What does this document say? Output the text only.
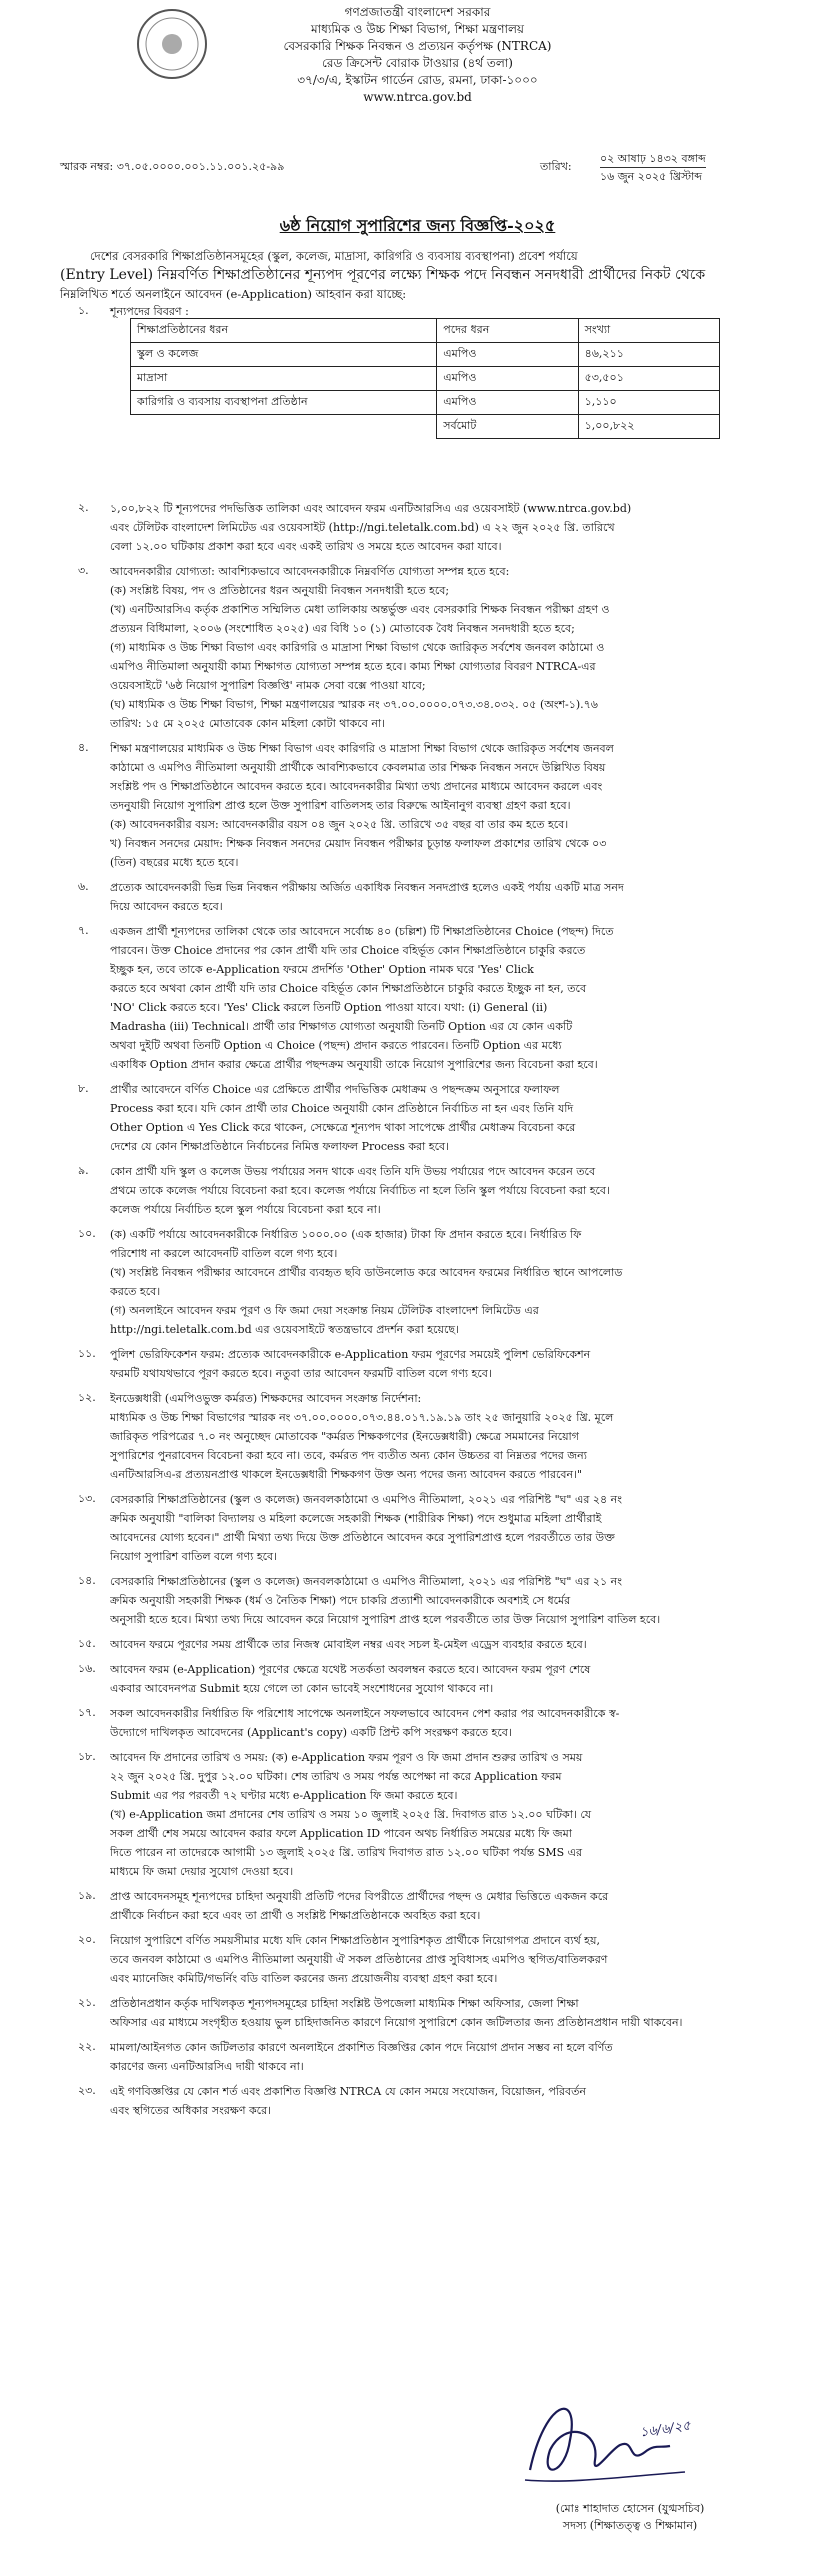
গণপ্রজাতন্ত্রী বাংলাদেশ সরকার
মাধ্যমিক ও উচ্চ শিক্ষা বিভাগ, শিক্ষা মন্ত্রণালয়
বেসরকারি শিক্ষক নিবন্ধন ও প্রত্যয়ন কর্তৃপক্ষ (NTRCA)
রেড ক্রিসেন্ট বোরাক টাওয়ার (৪র্থ তলা)
৩৭/৩/এ, ইস্কাটন গার্ডেন রোড, রমনা, ঢাকা-১০০০
www.ntrca.gov.bd
স্মারক নম্বর: ৩৭.০৫.০০০০.০০১.১১.০০১.২৫-৯৯	তারিখ:
০২ আষাঢ় ১৪৩২ বঙ্গাব্দ
১৬ জুন ২০২৫ খ্রিস্টাব্দ
৬ষ্ঠ নিয়োগ সুপারিশের জন্য বিজ্ঞপ্তি-২০২৫
দেশের বেসরকারি শিক্ষাপ্রতিষ্ঠানসমূহের (স্কুল, কলেজ, মাদ্রাসা, কারিগরি ও ব্যবসায় ব্যবস্থাপনা) প্রবেশ পর্যায়ে
(Entry Level) নিম্নবর্ণিত শিক্ষাপ্রতিষ্ঠানের শূন্যপদ পূরণের লক্ষ্যে শিক্ষক পদে নিবন্ধন সনদধারী প্রার্থীদের নিকট থেকে
নিম্নলিখিত শর্তে অনলাইনে আবেদন (e-Application) আহবান করা যাচ্ছে:
১. শূন্যপদের বিবরণ :
শিক্ষাপ্রতিষ্ঠানের ধরন	পদের ধরন	সংখ্যা
স্কুল ও কলেজ	এমপিও	৪৬,২১১
মাদ্রাসা	এমপিও	৫৩,৫০১
কারিগরি ও ব্যবসায় ব্যবস্থাপনা প্রতিষ্ঠান	এমপিও	১,১১০
	সর্বমোট	১,০০,৮২২
২. ১,০০,৮২২ টি শূন্যপদের পদভিত্তিক তালিকা এবং আবেদন ফরম এনটিআরসিএ এর ওয়েবসাইট (www.ntrca.gov.bd)
এবং টেলিটক বাংলাদেশ লিমিটেড এর ওয়েবসাইট (http://ngi.teletalk.com.bd) এ ২২ জুন ২০২৫ খ্রি. তারিখে
বেলা ১২.০০ ঘটিকায় প্রকাশ করা হবে এবং একই তারিখ ও সময়ে হতে আবেদন করা যাবে।
৩. আবেদনকারীর যোগ্যতা: আবশ্যিকভাবে আবেদনকারীকে নিম্নবর্ণিত যোগ্যতা সম্পন্ন হতে হবে:
(ক) সংশ্লিষ্ট বিষয়, পদ ও প্রতিষ্ঠানের ধরন অনুযায়ী নিবন্ধন সনদধারী হতে হবে;
(খ) এনটিআরসিএ কর্তৃক প্রকাশিত সম্মিলিত মেধা তালিকায় অন্তর্ভুক্ত এবং বেসরকারি শিক্ষক নিবন্ধন পরীক্ষা গ্রহণ ও
প্রত্যয়ন বিধিমালা, ২০০৬ (সংশোধিত ২০২৫) এর বিধি ১০ (১) মোতাবেক বৈধ নিবন্ধন সনদধারী হতে হবে;
(গ) মাধ্যমিক ও উচ্চ শিক্ষা বিভাগ এবং কারিগরি ও মাদ্রাসা শিক্ষা বিভাগ থেকে জারিকৃত সর্বশেষ জনবল কাঠামো ও
এমপিও নীতিমালা অনুযায়ী কাম্য শিক্ষাগত যোগ্যতা সম্পন্ন হতে হবে। কাম্য শিক্ষা যোগ্যতার বিবরণ NTRCA-এর
ওয়েবসাইটে '৬ষ্ঠ নিয়োগ সুপারিশ বিজ্ঞপ্তি' নামক সেবা বক্সে পাওয়া যাবে;
(ঘ) মাধ্যমিক ও উচ্চ শিক্ষা বিভাগ, শিক্ষা মন্ত্রণালয়ের স্মারক নং ৩৭.০০.০০০০.০৭৩.৩৪.০৩২. ০৫ (অংশ-১).৭৬
তারিখ: ১৫ মে ২০২৫ মোতাবেক কোন মহিলা কোটা থাকবে না।
৪. শিক্ষা মন্ত্রণালয়ের মাধ্যমিক ও উচ্চ শিক্ষা বিভাগ এবং কারিগরি ও মাদ্রাসা শিক্ষা বিভাগ থেকে জারিকৃত সর্বশেষ জনবল
কাঠামো ও এমপিও নীতিমালা অনুযায়ী প্রার্থীকে আবশ্যিকভাবে কেবলমাত্র তার শিক্ষক নিবন্ধন সনদে উল্লিখিত বিষয়
সংশ্লিষ্ট পদ ও শিক্ষাপ্রতিষ্ঠানে আবেদন করতে হবে। আবেদনকারীর মিথ্যা তথ্য প্রদানের মাধ্যমে আবেদন করলে এবং
তদনুযায়ী নিয়োগ সুপারিশ প্রাপ্ত হলে উক্ত সুপারিশ বাতিলসহ তার বিরুদ্ধে আইনানুগ ব্যবস্থা গ্রহণ করা হবে।
(ক) আবেদনকারীর বয়স: আবেদনকারীর বয়স ০৪ জুন ২০২৫ খ্রি. তারিখে ৩৫ বছর বা তার কম হতে হবে।
খ) নিবন্ধন সনদের মেয়াদ: শিক্ষক নিবন্ধন সনদের মেয়াদ নিবন্ধন পরীক্ষার চূড়ান্ত ফলাফল প্রকাশের তারিখ থেকে ০৩
(তিন) বছরের মধ্যে হতে হবে।
৬. প্রত্যেক আবেদনকারী ভিন্ন ভিন্ন নিবন্ধন পরীক্ষায় অর্জিত একাধিক নিবন্ধন সনদপ্রাপ্ত হলেও একই পর্যায় একটি মাত্র সনদ
দিয়ে আবেদন করতে হবে।
৭. একজন প্রার্থী শূন্যপদের তালিকা থেকে তার আবেদনে সর্বোচ্চ ৪০ (চল্লিশ) টি শিক্ষাপ্রতিষ্ঠানের Choice (পছন্দ) দিতে
পারবেন। উক্ত Choice প্রদানের পর কোন প্রার্থী যদি তার Choice বহির্ভূত কোন শিক্ষাপ্রতিষ্ঠানে চাকুরি করতে
ইচ্ছুক হন, তবে তাকে e-Application ফরমে প্রদর্শিত 'Other' Option নামক ঘরে 'Yes' Click
করতে হবে অথবা কোন প্রার্থী যদি তার Choice বহির্ভূত কোন শিক্ষাপ্রতিষ্ঠানে চাকুরি করতে ইচ্ছুক না হন, তবে
'NO' Click করতে হবে। 'Yes' Click করলে তিনটি Option পাওয়া যাবে। যথা: (i) General (ii)
Madrasha (iii) Technical। প্রার্থী তার শিক্ষাগত যোগ্যতা অনুযায়ী তিনটি Option এর যে কোন একটি
অথবা দুইটি অথবা তিনটি Option এ Choice (পছন্দ) প্রদান করতে পারবেন। তিনটি Option এর মধ্যে
একাধিক Option প্রদান করার ক্ষেত্রে প্রার্থীর পছন্দক্রম অনুযায়ী তাকে নিয়োগ সুপারিশের জন্য বিবেচনা করা হবে।
৮. প্রার্থীর আবেদনে বর্ণিত Choice এর প্রেক্ষিতে প্রার্থীর পদভিত্তিক মেধাক্রম ও পছন্দক্রম অনুসারে ফলাফল
Process করা হবে। যদি কোন প্রার্থী তার Choice অনুযায়ী কোন প্রতিষ্ঠানে নির্বাচিত না হন এবং তিনি যদি
Other Option এ Yes Click করে থাকেন, সেক্ষেত্রে শূন্যপদ থাকা সাপেক্ষে প্রার্থীর মেধাক্রম বিবেচনা করে
দেশের যে কোন শিক্ষাপ্রতিষ্ঠানে নির্বাচনের নিমিত্ত ফলাফল Process করা হবে।
৯. কোন প্রার্থী যদি স্কুল ও কলেজ উভয় পর্যায়ের সনদ থাকে এবং তিনি যদি উভয় পর্যায়ের পদে আবেদন করেন তবে
প্রথমে তাকে কলেজ পর্যায়ে বিবেচনা করা হবে। কলেজ পর্যায়ে নির্বাচিত না হলে তিনি স্কুল পর্যায়ে বিবেচনা করা হবে।
কলেজ পর্যায়ে নির্বাচিত হলে স্কুল পর্যায়ে বিবেচনা করা হবে না।
১০. (ক) একটি পর্যায়ে আবেদনকারীকে নির্ধারিত ১০০০.০০ (এক হাজার) টাকা ফি প্রদান করতে হবে। নির্ধারিত ফি
পরিশোধ না করলে আবেদনটি বাতিল বলে গণ্য হবে।
(খ) সংশ্লিষ্ট নিবন্ধন পরীক্ষার আবেদনে প্রার্থীর ব্যবহৃত ছবি ডাউনলোড করে আবেদন ফরমের নির্ধারিত স্থানে আপলোড
করতে হবে।
(গ) অনলাইনে আবেদন ফরম পূরণ ও ফি জমা দেয়া সংক্রান্ত নিয়ম টেলিটক বাংলাদেশ লিমিটেড এর
http://ngi.teletalk.com.bd এর ওয়েবসাইটে স্বতন্ত্রভাবে প্রদর্শন করা হয়েছে।
১১. পুলিশ ভেরিফিকেশন ফরম: প্রত্যেক আবেদনকারীকে e-Application ফরম পূরণের সময়েই পুলিশ ভেরিফিকেশন
ফরমটি যথাযথভাবে পূরণ করতে হবে। নতুবা তার আবেদন ফরমটি বাতিল বলে গণ্য হবে।
১২. ইনডেক্সধারী (এমপিওভুক্ত কর্মরত) শিক্ষকদের আবেদন সংক্রান্ত নির্দেশনা:
মাধ্যমিক ও উচ্চ শিক্ষা বিভাগের স্মারক নং ৩৭.০০.০০০০.০৭৩.৪৪.০১৭.১৯.১৯ তাং ২৫ জানুয়ারি ২০২৫ খ্রি. মূলে
জারিকৃত পরিপত্রের ৭.০ নং অনুচ্ছেদ মোতাবেক "কর্মরত শিক্ষকগণের (ইনডেক্সধারী) ক্ষেত্রে সমমানের নিয়োগ
সুপারিশের পুনরাবেদন বিবেচনা করা হবে না। তবে, কর্মরত পদ ব্যতীত অন্য কোন উচ্চতর বা নিম্নতর পদের জন্য
এনটিআরসিএ-র প্রত্যয়নপ্রাপ্ত থাকলে ইনডেক্সধারী শিক্ষকগণ উক্ত অন্য পদের জন্য আবেদন করতে পারবেন।"
১৩. বেসরকারি শিক্ষাপ্রতিষ্ঠানের (স্কুল ও কলেজ) জনবলকাঠামো ও এমপিও নীতিমালা, ২০২১ এর পরিশিষ্ট "ঘ" এর ২৪ নং
ক্রমিক অনুযায়ী "বালিকা বিদ্যালয় ও মহিলা কলেজে সহকারী শিক্ষক (শারীরিক শিক্ষা) পদে শুধুমাত্র মহিলা প্রার্থীরাই
আবেদনের যোগ্য হবেন।" প্রার্থী মিথ্যা তথ্য দিয়ে উক্ত প্রতিষ্ঠানে আবেদন করে সুপারিশপ্রাপ্ত হলে পরবর্তীতে তার উক্ত
নিয়োগ সুপারিশ বাতিল বলে গণ্য হবে।
১৪. বেসরকারি শিক্ষাপ্রতিষ্ঠানের (স্কুল ও কলেজ) জনবলকাঠামো ও এমপিও নীতিমালা, ২০২১ এর পরিশিষ্ট "ঘ" এর ২১ নং
ক্রমিক অনুযায়ী সহকারী শিক্ষক (ধর্ম ও নৈতিক শিক্ষা) পদে চাকরি প্রত্যাশী আবেদনকারীকে অবশ্যই সে ধর্মের
অনুসারী হতে হবে। মিথ্যা তথ্য দিয়ে আবেদন করে নিয়োগ সুপারিশ প্রাপ্ত হলে পরবর্তীতে তার উক্ত নিয়োগ সুপারিশ বাতিল হবে।
১৫. আবেদন ফরমে পূরণের সময় প্রার্থীকে তার নিজস্ব মোবাইল নম্বর এবং সচল ই-মেইল এড্রেস ব্যবহার করতে হবে।
১৬. আবেদন ফরম (e-Application) পূরণের ক্ষেত্রে যথেষ্ট সতর্কতা অবলম্বন করতে হবে। আবেদন ফরম পূরণ শেষে
একবার আবেদনপত্র Submit হয়ে গেলে তা কোন ভাবেই সংশোধনের সুযোগ থাকবে না।
১৭. সকল আবেদনকারীর নির্ধারিত ফি পরিশোধ সাপেক্ষে অনলাইনে সফলভাবে আবেদন পেশ করার পর আবেদনকারীকে স্ব-
উদ্যোগে দাখিলকৃত আবেদনের (Applicant's copy) একটি প্রিন্ট কপি সংরক্ষণ করতে হবে।
১৮. আবেদন ফি প্রদানের তারিখ ও সময়: (ক) e-Application ফরম পূরণ ও ফি জমা প্রদান শুরুর তারিখ ও সময়
২২ জুন ২০২৫ খ্রি. দুপুর ১২.০০ ঘটিকা। শেষ তারিখ ও সময় পর্যন্ত অপেক্ষা না করে Application ফরম
Submit এর পর পরবর্তী ৭২ ঘণ্টার মধ্যে e-Application ফি জমা করতে হবে।
(খ) e-Application জমা প্রদানের শেষ তারিখ ও সময় ১০ জুলাই ২০২৫ খ্রি. দিবাগত রাত ১২.০০ ঘটিকা। যে
সকল প্রার্থী শেষ সময়ে আবেদন করার ফলে Application ID পাবেন অথচ নির্ধারিত সময়ের মধ্যে ফি জমা
দিতে পারেন না তাদেরকে আগামী ১৩ জুলাই ২০২৫ খ্রি. তারিখ দিবাগত রাত ১২.০০ ঘটিকা পর্যন্ত SMS এর
মাধ্যমে ফি জমা দেয়ার সুযোগ দেওয়া হবে।
১৯. প্রাপ্ত আবেদনসমূহ শূন্যপদের চাহিদা অনুযায়ী প্রতিটি পদের বিপরীতে প্রার্থীদের পছন্দ ও মেধার ভিত্তিতে একজন করে
প্রার্থীকে নির্বাচন করা হবে এবং তা প্রার্থী ও সংশ্লিষ্ট শিক্ষাপ্রতিষ্ঠানকে অবহিত করা হবে।
২০. নিয়োগ সুপারিশে বর্ণিত সময়সীমার মধ্যে যদি কোন শিক্ষাপ্রতিষ্ঠান সুপারিশকৃত প্রার্থীকে নিয়োগপত্র প্রদানে ব্যর্থ হয়,
তবে জনবল কাঠামো ও এমপিও নীতিমালা অনুযায়ী ঐ সকল প্রতিষ্ঠানের প্রাপ্ত সুবিধাসহ এমপিও স্থগিত/বাতিলকরণ
এবং ম্যানেজিং কমিটি/গভর্নিং বডি বাতিল করনের জন্য প্রয়োজনীয় ব্যবস্থা গ্রহণ করা হবে।
২১. প্রতিষ্ঠানপ্রধান কর্তৃক দাখিলকৃত শূন্যপদসমূহের চাহিদা সংশ্লিষ্ট উপজেলা মাধ্যমিক শিক্ষা অফিসার, জেলা শিক্ষা
অফিসার এর মাধ্যমে সংগৃহীত হওয়ায় ভুল চাহিদাজনিত কারণে নিয়োগ সুপারিশে কোন জটিলতার জন্য প্রতিষ্ঠানপ্রধান দায়ী থাকবেন।
২২. মামলা/আইনগত কোন জটিলতার কারণে অনলাইনে প্রকাশিত বিজ্ঞপ্তির কোন পদে নিয়োগ প্রদান সম্ভব না হলে বর্ণিত
কারণের জন্য এনটিআরসিএ দায়ী থাকবে না।
২৩. এই গণবিজ্ঞপ্তির যে কোন শর্ত এবং প্রকাশিত বিজ্ঞপ্তি NTRCA যে কোন সময়ে সংযোজন, বিয়োজন, পরিবর্তন
এবং স্থগিতের অধিকার সংরক্ষণ করে।
১৬/৬/২৫
(মোঃ শাহাদাত হোসেন (যুগ্মসচিব)
সদস্য (শিক্ষাতত্ত্ব ও শিক্ষামান)
